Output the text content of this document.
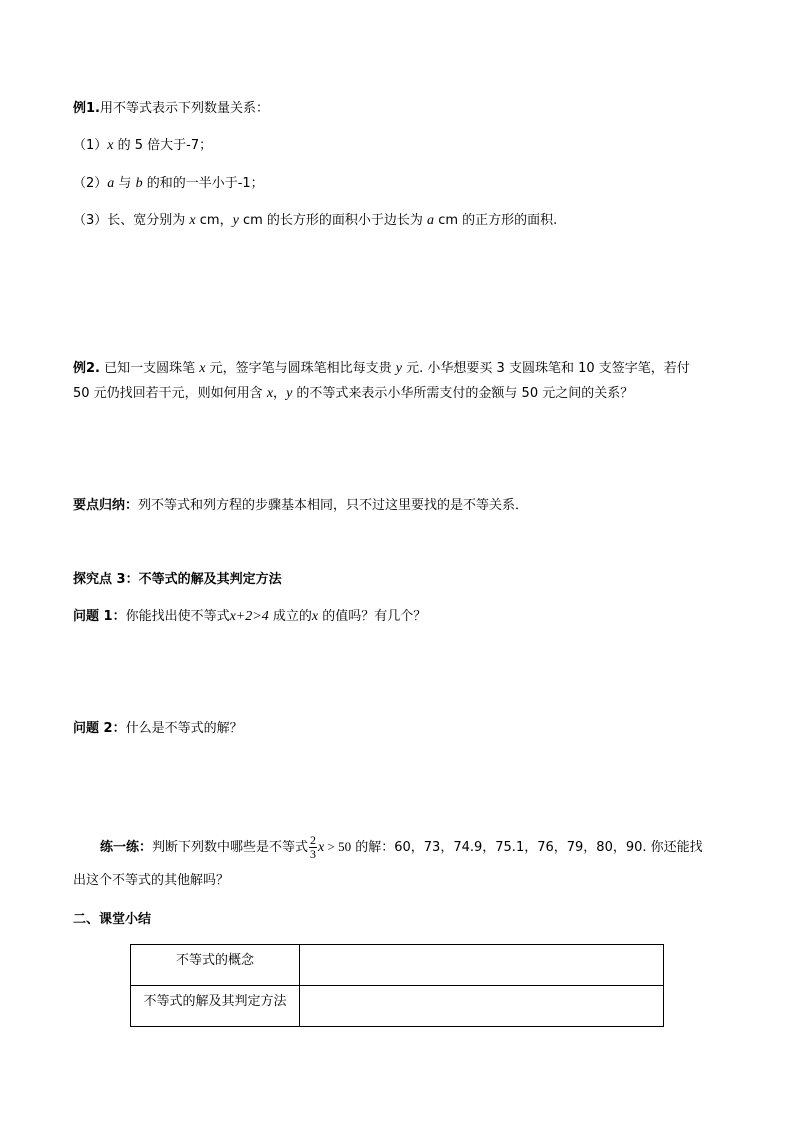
例1.用不等式表示下列数量关系：
（1）x 的 5 倍大于-7；
（2）a 与 b 的和的一半小于-1；
（3）长、宽分别为 x cm，y cm 的长方形的面积小于边长为 a cm 的正方形的面积.
例2. 已知一支圆珠笔 x 元，签字笔与圆珠笔相比每支贵 y 元. 小华想要买 3 支圆珠笔和 10 支签字笔，若付
50 元仍找回若干元，则如何用含 x，y 的不等式来表示小华所需支付的金额与 50 元之间的关系？
要点归纳：列不等式和列方程的步骤基本相同，只不过这里要找的是不等关系．
探究点 3：不等式的解及其判定方法
问题 1：你能找出使不等式x+2>4 成立的x 的值吗？有几个？
问题 2：什么是不等式的解？
练一练：判断下列数中哪些是不等式 $\frac{2}{3}$ x > 50 的解：60，73，74.9，75.1，76，79，80，90. 你还能找
出这个不等式的其他解吗？
二、课堂小结
不等式的概念	
不等式的解及其判定方法	
